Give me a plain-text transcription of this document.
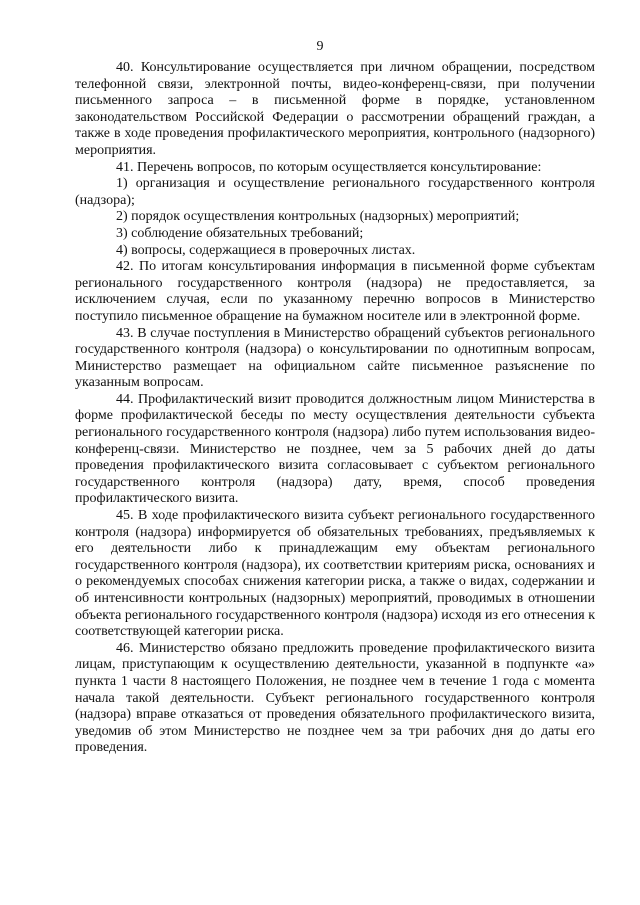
9

40. Консультирование осуществляется при личном обращении, посредством телефонной связи, электронной почты, видео-конференц-связи, при получении письменного запроса – в письменной форме в порядке, установленном законодательством Российской Федерации о рассмотрении обращений граждан, а также в ходе проведения профилактического мероприятия, контрольного (надзорного) мероприятия.

41. Перечень вопросов, по которым осуществляется консультирование:

1) организация и осуществление регионального государственного контроля (надзора);

2) порядок осуществления контрольных (надзорных) мероприятий;

3) соблюдение обязательных требований;

4) вопросы, содержащиеся в проверочных листах.

42. По итогам консультирования информация в письменной форме субъектам регионального государственного контроля (надзора) не предоставляется, за исключением случая, если по указанному перечню вопросов в Министерство поступило письменное обращение на бумажном носителе или в электронной форме.

43. В случае поступления в Министерство обращений субъектов регионального государственного контроля (надзора) о консультировании по однотипным вопросам, Министерство размещает на официальном сайте письменное разъяснение по указанным вопросам.

44. Профилактический визит проводится должностным лицом Министерства в форме профилактической беседы по месту осуществления деятельности субъекта регионального государственного контроля (надзора) либо путем использования видео-конференц-связи. Министерство не позднее, чем за 5 рабочих дней до даты проведения профилактического визита согласовывает с субъектом регионального государственного контроля (надзора) дату, время, способ проведения профилактического визита.

45. В ходе профилактического визита субъект регионального государственного контроля (надзора) информируется об обязательных требованиях, предъявляемых к его деятельности либо к принадлежащим ему объектам регионального государственного контроля (надзора), их соответствии критериям риска, основаниях и о рекомендуемых способах снижения категории риска, а также о видах, содержании и об интенсивности контрольных (надзорных) мероприятий, проводимых в отношении объекта регионального государственного контроля (надзора) исходя из его отнесения к соответствующей категории риска.

46. Министерство обязано предложить проведение профилактического визита лицам, приступающим к осуществлению деятельности, указанной в подпункте «а» пункта 1 части 8 настоящего Положения, не позднее чем в течение 1 года с момента начала такой деятельности. Субъект регионального государственного контроля (надзора) вправе отказаться от проведения обязательного профилактического визита, уведомив об этом Министерство не позднее чем за три рабочих дня до даты его проведения.
